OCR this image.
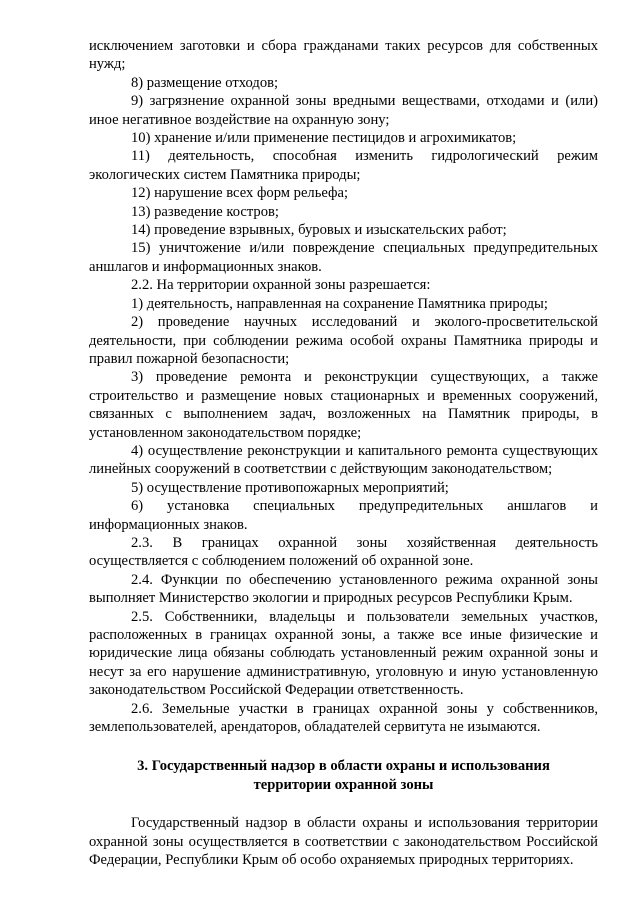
исключением заготовки и сбора гражданами таких ресурсов для собственных нужд;

8) размещение отходов;

9) загрязнение охранной зоны вредными веществами, отходами и (или) иное негативное воздействие на охранную зону;

10) хранение и/или применение пестицидов и агрохимикатов;

11) деятельность, способная изменить гидрологический режим экологических систем Памятника природы;

12) нарушение всех форм рельефа;

13) разведение костров;

14) проведение взрывных, буровых и изыскательских работ;

15) уничтожение и/или повреждение специальных предупредительных аншлагов и информационных знаков.

2.2. На территории охранной зоны разрешается:

1) деятельность, направленная на сохранение Памятника природы;

2) проведение научных исследований и эколого-просветительской деятельности, при соблюдении режима особой охраны Памятника природы и правил пожарной безопасности;

3) проведение ремонта и реконструкции существующих, а также строительство и размещение новых стационарных и временных сооружений, связанных с выполнением задач, возложенных на Памятник природы, в установленном законодательством порядке;

4) осуществление реконструкции и капитального ремонта существующих линейных сооружений в соответствии с действующим законодательством;

5) осуществление противопожарных мероприятий;

6) установка специальных предупредительных аншлагов и информационных знаков.

2.3. В границах охранной зоны хозяйственная деятельность осуществляется с соблюдением положений об охранной зоне.

2.4. Функции по обеспечению установленного режима охранной зоны выполняет Министерство экологии и природных ресурсов Республики Крым.

2.5. Собственники, владельцы и пользователи земельных участков, расположенных в границах охранной зоны, а также все иные физические и юридические лица обязаны соблюдать установленный режим охранной зоны и несут за его нарушение административную, уголовную и иную установленную законодательством Российской Федерации ответственность.

2.6. Земельные участки в границах охранной зоны у собственников, землепользователей, арендаторов, обладателей сервитута не изымаются.

3. Государственный надзор в области охраны и использования
территории охранной зоны

Государственный надзор в области охраны и использования территории охранной зоны осуществляется в соответствии с законодательством Российской Федерации, Республики Крым об особо охраняемых природных территориях.
